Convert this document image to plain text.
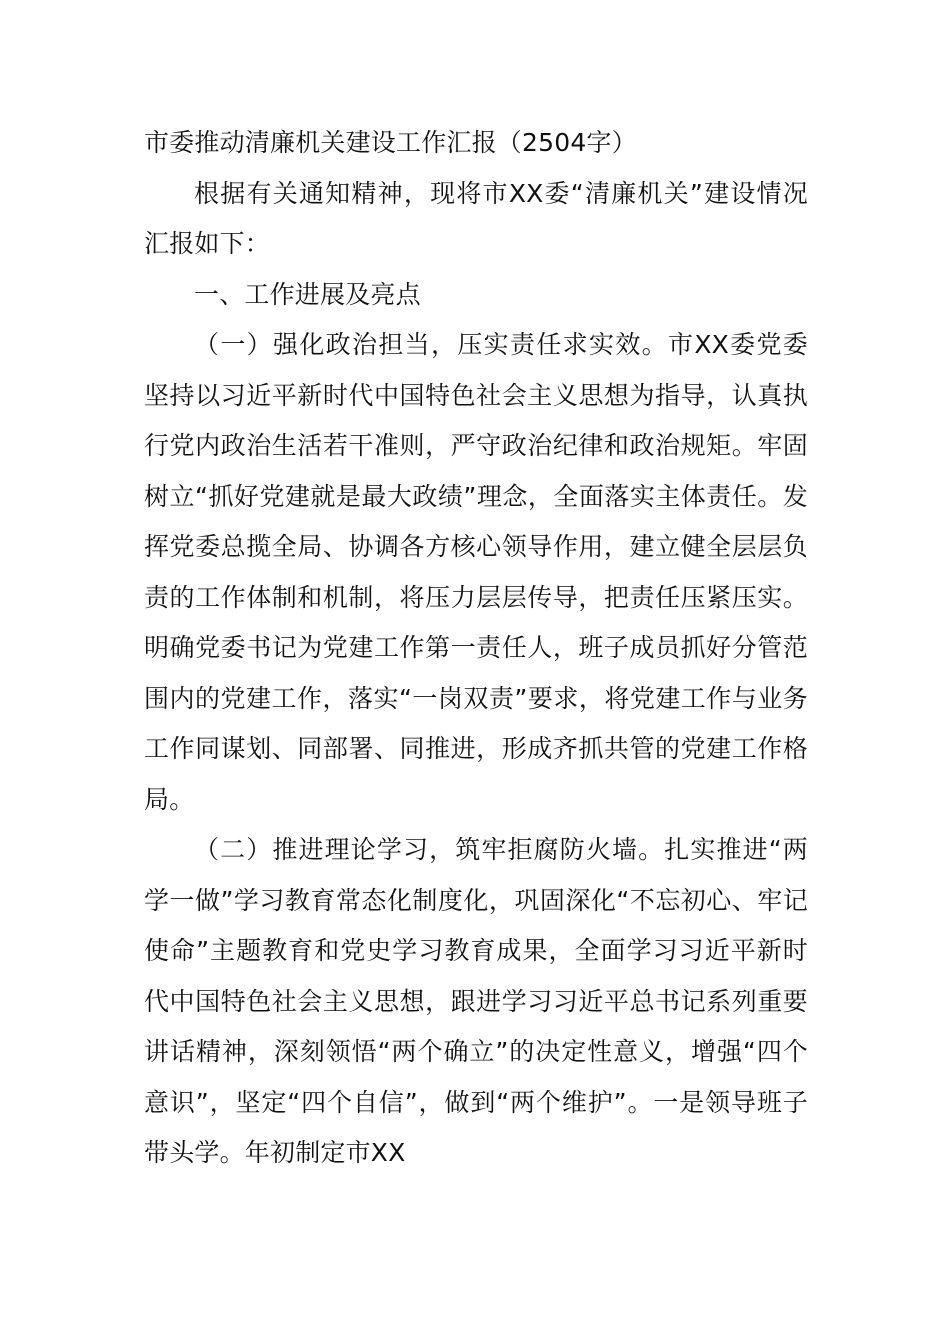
市委推动清廉机关建设工作汇报（2504字）

根据有关通知精神，现将市XX委“清廉机关”建设情况汇报如下：

一、工作进展及亮点

（一）强化政治担当，压实责任求实效。市XX委党委坚持以习近平新时代中国特色社会主义思想为指导，认真执行党内政治生活若干准则，严守政治纪律和政治规矩。牢固树立“抓好党建就是最大政绩”理念，全面落实主体责任。发挥党委总揽全局、协调各方核心领导作用，建立健全层层负责的工作体制和机制，将压力层层传导，把责任压紧压实。明确党委书记为党建工作第一责任人，班子成员抓好分管范围内的党建工作，落实“一岗双责”要求，将党建工作与业务工作同谋划、同部署、同推进，形成齐抓共管的党建工作格局。

（二）推进理论学习，筑牢拒腐防火墙。扎实推进“两学一做”学习教育常态化制度化，巩固深化“不忘初心、牢记使命”主题教育和党史学习教育成果，全面学习习近平新时代中国特色社会主义思想，跟进学习习近平总书记系列重要讲话精神，深刻领悟“两个确立”的决定性意义，增强“四个意识”，坚定“四个自信”，做到“两个维护”。一是领导班子带头学。年初制定市XX
